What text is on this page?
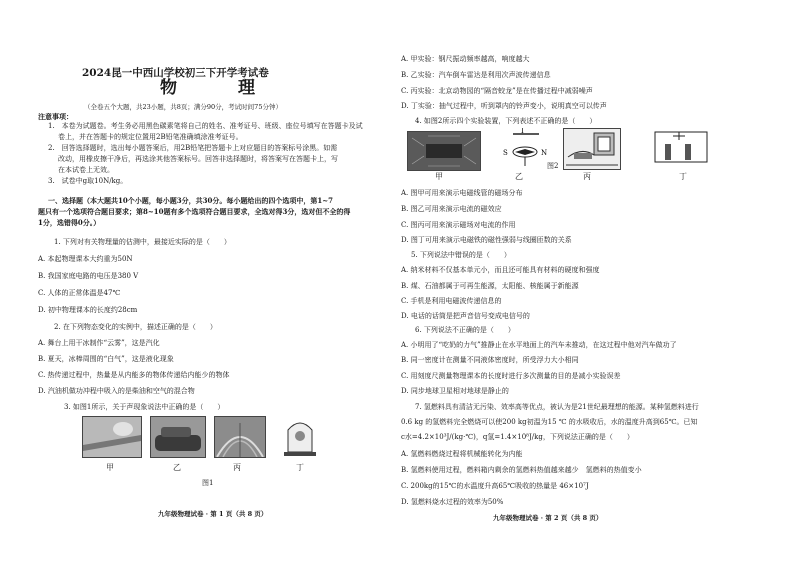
2024昆一中西山学校初三下开学考试卷
物　理
（全卷五个大题，共23小题，共8页；满分90分，考试时间75分钟）
注意事项：
1.　本卷为试题卷。考生务必用黑色碳素笔将自己的姓名、准考证号、班级、座位号填写在答题卡及试
卷上，并在答题卡的规定位置用2B铅笔准确填涂准考证号。
2.　回答选择题时，选出每小题答案后，用2B铅笔把答题卡上对应题目的答案标号涂黑。如需
改动，用橡皮擦干净后，再选涂其他答案标号。回答非选择题时，将答案写在答题卡上，写
在本试卷上无效。
3.　试卷中g取10N/kg。
一、选择题（本大题共10个小题，每小题3分，共30分。每小题给出的四个选项中，第1~7
题只有一个选项符合题目要求；第8~10题有多个选项符合题目要求，全选对得3分，选对但不全的得
1分，选错得0分。）
1. 下列对有关物理量的估测中，最接近实际的是（　　）
A. 本起物理课本大约重为50N
B. 我国家庭电路的电压是380 V
C. 人体的正常体温是47℃
D. 初中物理课本的长度约28cm
2. 在下列物态变化的实例中，描述正确的是（　　）
A. 舞台上用干冰制作“云雾”，这是汽化
B. 夏天，冰棒周围的“白气”，这是液化现象
C. 热传递过程中，热量是从内能多的物体传递给内能少的物体
D. 汽油机做功冲程中吸入的是柴油和空气的混合物
3. 如图1所示，关于声现象说法中正确的是（　　）
甲	乙	丙	丁
图1
九年级物理试卷 · 第 1 页（共 8 页）
A. 甲实验：钢尺振动频率越高，响度越大
B. 乙实验：汽车倒车雷达是利用次声波传递信息
C. 丙实验：北京动物园的“隔音蛟龙”是在传播过程中减弱噪声
D. 丁实验：抽气过程中，听到罩内的铃声变小，说明真空可以传声
4. 如图2所示四个实验装置，下列表述不正确的是（　　）
I
S	N
甲	乙	丙	丁
图2
A. 图甲可用来演示电磁线管的磁场分布
B. 图乙可用来演示电流的磁效应
C. 图丙可用来演示磁场对电流的作用
D. 图丁可用来演示电磁铁的磁性强弱与线圈匝数的关系
5. 下列说法中错误的是（　　）
A. 纳米材料不仅基本单元小，而且还可能具有材料的硬度和强度
B. 煤、石油都属于可再生能源，太阳能、核能属于新能源
C. 手机是利用电磁波传递信息的
D. 电话的话筒是把声音信号变成电信号的
6. 下列说法不正确的是（　　）
A. 小明用了“吃奶的力气”推静止在水平地面上的汽车未推动，在这过程中他对汽车做功了
B. 同一密度计在测量不同液体密度时，所受浮力大小相同
C. 用刻度尺测量物理课本的长度时进行多次测量的目的是减小实验误差
D. 同步地球卫星相对地球是静止的
7. 氢燃料具有清洁无污染、效率高等优点，被认为是21世纪最理想的能源。某种氢燃料进行
0.6 kg 的氢燃料完全燃烧可以使200 kg初温为15 ℃ 的水吸收后，水的温度升高到65℃。已知
c水=4.2×10³J/(kg·℃)，q氢=1.4×10⁸J/kg，下列说法正确的是（　　）
A. 氢燃料燃烧过程将机械能转化为内能
B. 氢燃料使用过程，燃料箱内剩余的氢燃料热值越来越少　氢燃料的热值变小
C. 200kg的15℃的水温度升高65℃吸收的热量是 46×10⁷J
D. 氢燃料烧水过程的效率为50%
九年级物理试卷 · 第 2 页（共 8 页）
